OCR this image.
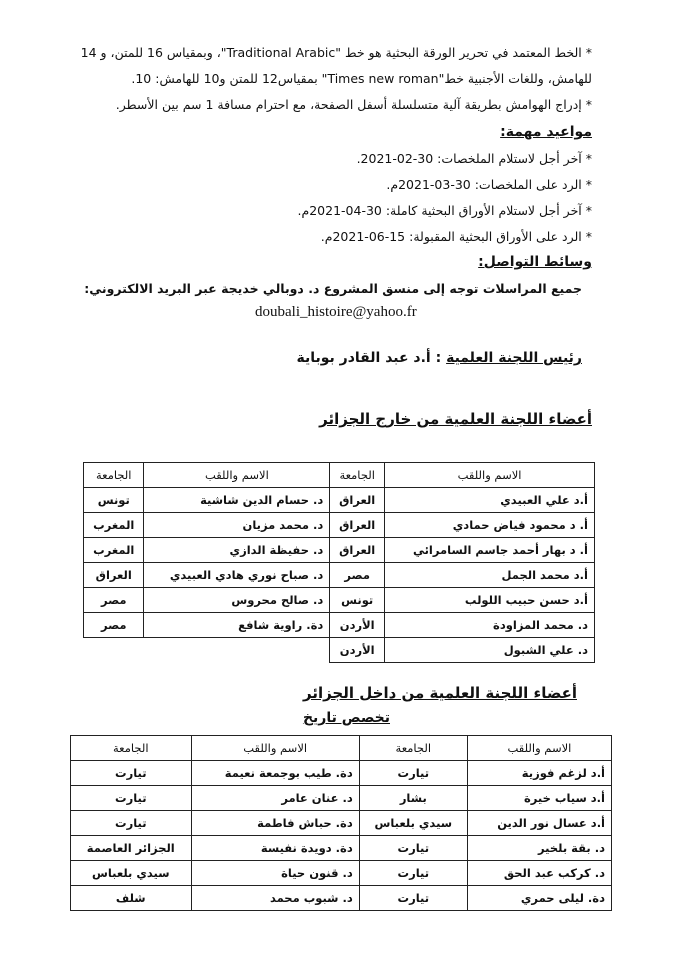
* الخط المعتمد في تحرير الورقة البحثية هو خط "Traditional Arabic"، وبمقياس 16 للمتن، و 14
للهامش، وللغات الأجنبية خط"Times new roman" بمقياس12 للمتن و10 للهامش: 10.
* إدراج الهوامش بطريقة آلية متسلسلة أسفل الصفحة، مع احترام مسافة 1 سم بين الأسطر.
مواعيد مهمة:
* آخر أجل لاستلام الملخصات: 30-02-2021.
* الرد على الملخصات: 30-03-2021م.
* آخر أجل لاستلام الأوراق البحثية كاملة: 30-04-2021م.
* الرد على الأوراق البحثية المقبولة: 15-06-2021م.
وسائط التواصل:
جميع المراسلات توجه إلى منسق المشروع د. دوبالي خديجة عبر البريد الالكتروني:
doubali_histoire@yahoo.fr
رئيس اللجنة العلمية : أ.د عبد القادر بوباية
أعضاء اللجنة العلمية من خارج الجزائر
الاسم واللقب	الجامعة	الاسم واللقب	الجامعة
أ.د علي العبيدي	العراق	د. حسام الدين شاشية	تونس
أ. د محمود فياض حمادي	العراق	د. محمد مزيان	المغرب
أ. د بهار أحمد جاسم السامرائي	العراق	د. حفيظة الدازي	المغرب
أ.د محمد الجمل	مصر	د. صباح نوري هادي العبيدي	العراق
أ.د حسن حبيب اللولب	تونس	د. صالح محروس	مصر
د. محمد المزاودة	الأردن	دة. راوية شافع	مصر
د. علي الشبول	الأردن		
أعضاء اللجنة العلمية من داخل الجزائر
تخصص تاريخ
الاسم واللقب	الجامعة	الاسم واللقب	الجامعة
أ.د لزغم فوزية	تيارت	دة. طيب بوجمعة نعيمة	تيارت
أ.د سياب خيرة	بشار	د. عنان عامر	تيارت
أ.د عسال نور الدين	سيدي بلعباس	دة. حباش فاطمة	تيارت
د. بقة بلخير	تيارت	دة. دويدة نفيسة	الجزائر العاصمة
د. كركب عبد الحق	تيارت	د. قنون حياة	سيدي بلعباس
دة. ليلى حمري	تيارت	د. شبوب محمد	شلف
